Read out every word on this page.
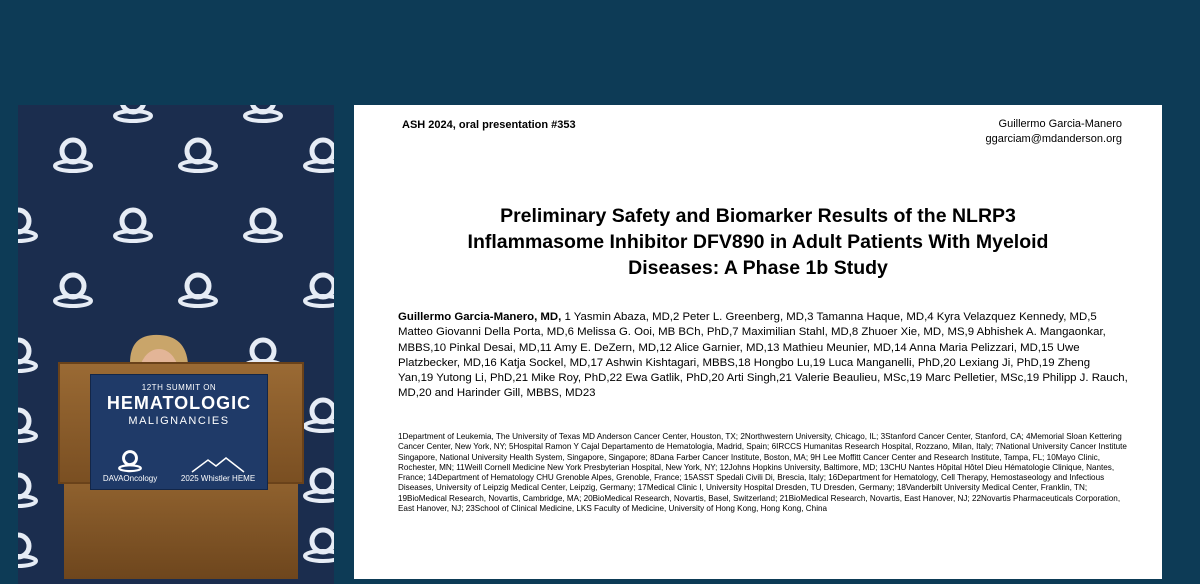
12TH SUMMIT ON
HEMATOLOGIC
MALIGNANCIES
DAVAOncology	2025 Whistler HEME
ASH 2024, oral presentation #353	Guillermo Garcia-Manero
ggarciam@mdanderson.org
Preliminary Safety and Biomarker Results of the NLRP3
Inflammasome Inhibitor DFV890 in Adult Patients With Myeloid
Diseases: A Phase 1b Study
Guillermo Garcia-Manero, MD, 1 Yasmin Abaza, MD,2 Peter L. Greenberg, MD,3 Tamanna Haque, MD,4 Kyra Velazquez Kennedy, MD,5 Matteo Giovanni Della Porta, MD,6 Melissa G. Ooi, MB BCh, PhD,7 Maximilian Stahl, MD,8 Zhuoer Xie, MD, MS,9 Abhishek A. Mangaonkar, MBBS,10 Pinkal Desai, MD,11 Amy E. DeZern, MD,12 Alice Garnier, MD,13 Mathieu Meunier, MD,14 Anna Maria Pelizzari, MD,15 Uwe Platzbecker, MD,16 Katja Sockel, MD,17 Ashwin Kishtagari, MBBS,18 Hongbo Lu,19 Luca Manganelli, PhD,20 Lexiang Ji, PhD,19 Zheng Yan,19 Yutong Li, PhD,21 Mike Roy, PhD,22 Ewa Gatlik, PhD,20 Arti Singh,21 Valerie Beaulieu, MSc,19 Marc Pelletier, MSc,19 Philipp J. Rauch, MD,20 and Harinder Gill, MBBS, MD23
1Department of Leukemia, The University of Texas MD Anderson Cancer Center, Houston, TX; 2Northwestern University, Chicago, IL; 3Stanford Cancer Center, Stanford, CA; 4Memorial Sloan Kettering Cancer Center, New York, NY; 5Hospital Ramon Y Cajal Departamento de Hematologia, Madrid, Spain; 6IRCCS Humanitas Research Hospital, Rozzano, Milan, Italy; 7National University Cancer Institute Singapore, National University Health System, Singapore, Singapore; 8Dana Farber Cancer Institute, Boston, MA; 9H Lee Moffitt Cancer Center and Research Institute, Tampa, FL; 10Mayo Clinic, Rochester, MN; 11Weill Cornell Medicine New York Presbyterian Hospital, New York, NY; 12Johns Hopkins University, Baltimore, MD; 13CHU Nantes Hôpital Hôtel Dieu Hématologie Clinique, Nantes, France; 14Department of Hematology CHU Grenoble Alpes, Grenoble, France; 15ASST Spedali Civili Di, Brescia, Italy; 16Department for Hematology, Cell Therapy, Hemostaseology and Infectious Diseases, University of Leipzig Medical Center, Leipzig, Germany; 17Medical Clinic I, University Hospital Dresden, TU Dresden, Germany; 18Vanderbilt University Medical Center, Franklin, TN; 19BioMedical Research, Novartis, Cambridge, MA; 20BioMedical Research, Novartis, Basel, Switzerland; 21BioMedical Research, Novartis, East Hanover, NJ; 22Novartis Pharmaceuticals Corporation, East Hanover, NJ; 23School of Clinical Medicine, LKS Faculty of Medicine, University of Hong Kong, Hong Kong, China
